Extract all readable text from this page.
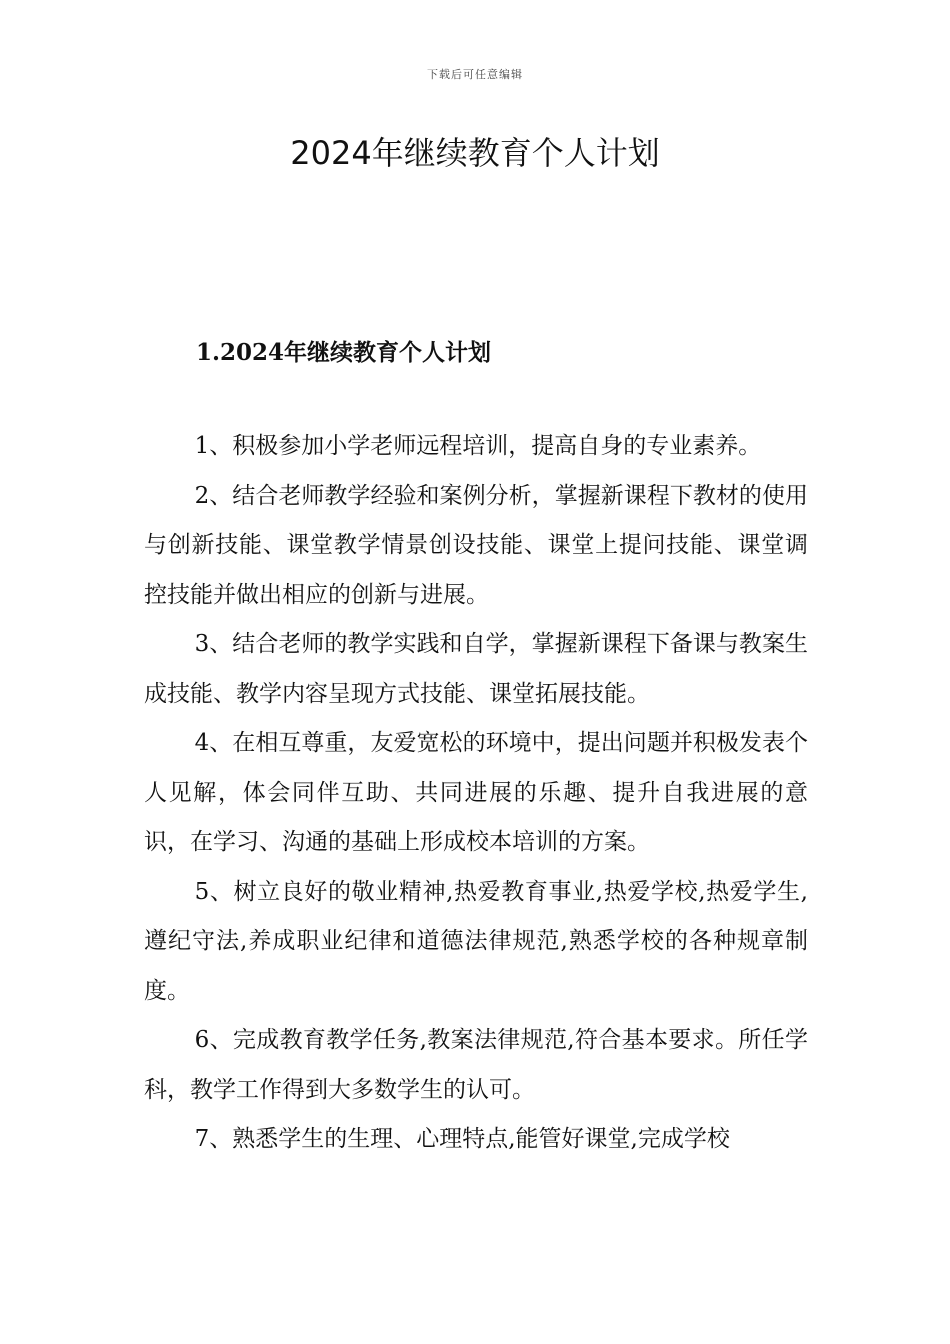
下载后可任意编辑
2024年继续教育个人计划
1.2024年继续教育个人计划

1、积极参加小学老师远程培训，提高自身的专业素养。

2、结合老师教学经验和案例分析，掌握新课程下教材的使用与创新技能、课堂教学情景创设技能、课堂上提问技能、课堂调控技能并做出相应的创新与进展。

3、结合老师的教学实践和自学，掌握新课程下备课与教案生成技能、教学内容呈现方式技能、课堂拓展技能。

4、在相互尊重，友爱宽松的环境中，提出问题并积极发表个人见解，体会同伴互助、共同进展的乐趣、提升自我进展的意识，在学习、沟通的基础上形成校本培训的方案。

5、树立良好的敬业精神,热爱教育事业,热爱学校,热爱学生,遵纪守法,养成职业纪律和道德法律规范,熟悉学校的各种规章制度。

6、完成教育教学任务,教案法律规范,符合基本要求。所任学科，教学工作得到大多数学生的认可。

7、熟悉学生的生理、心理特点,能管好课堂,完成学校
